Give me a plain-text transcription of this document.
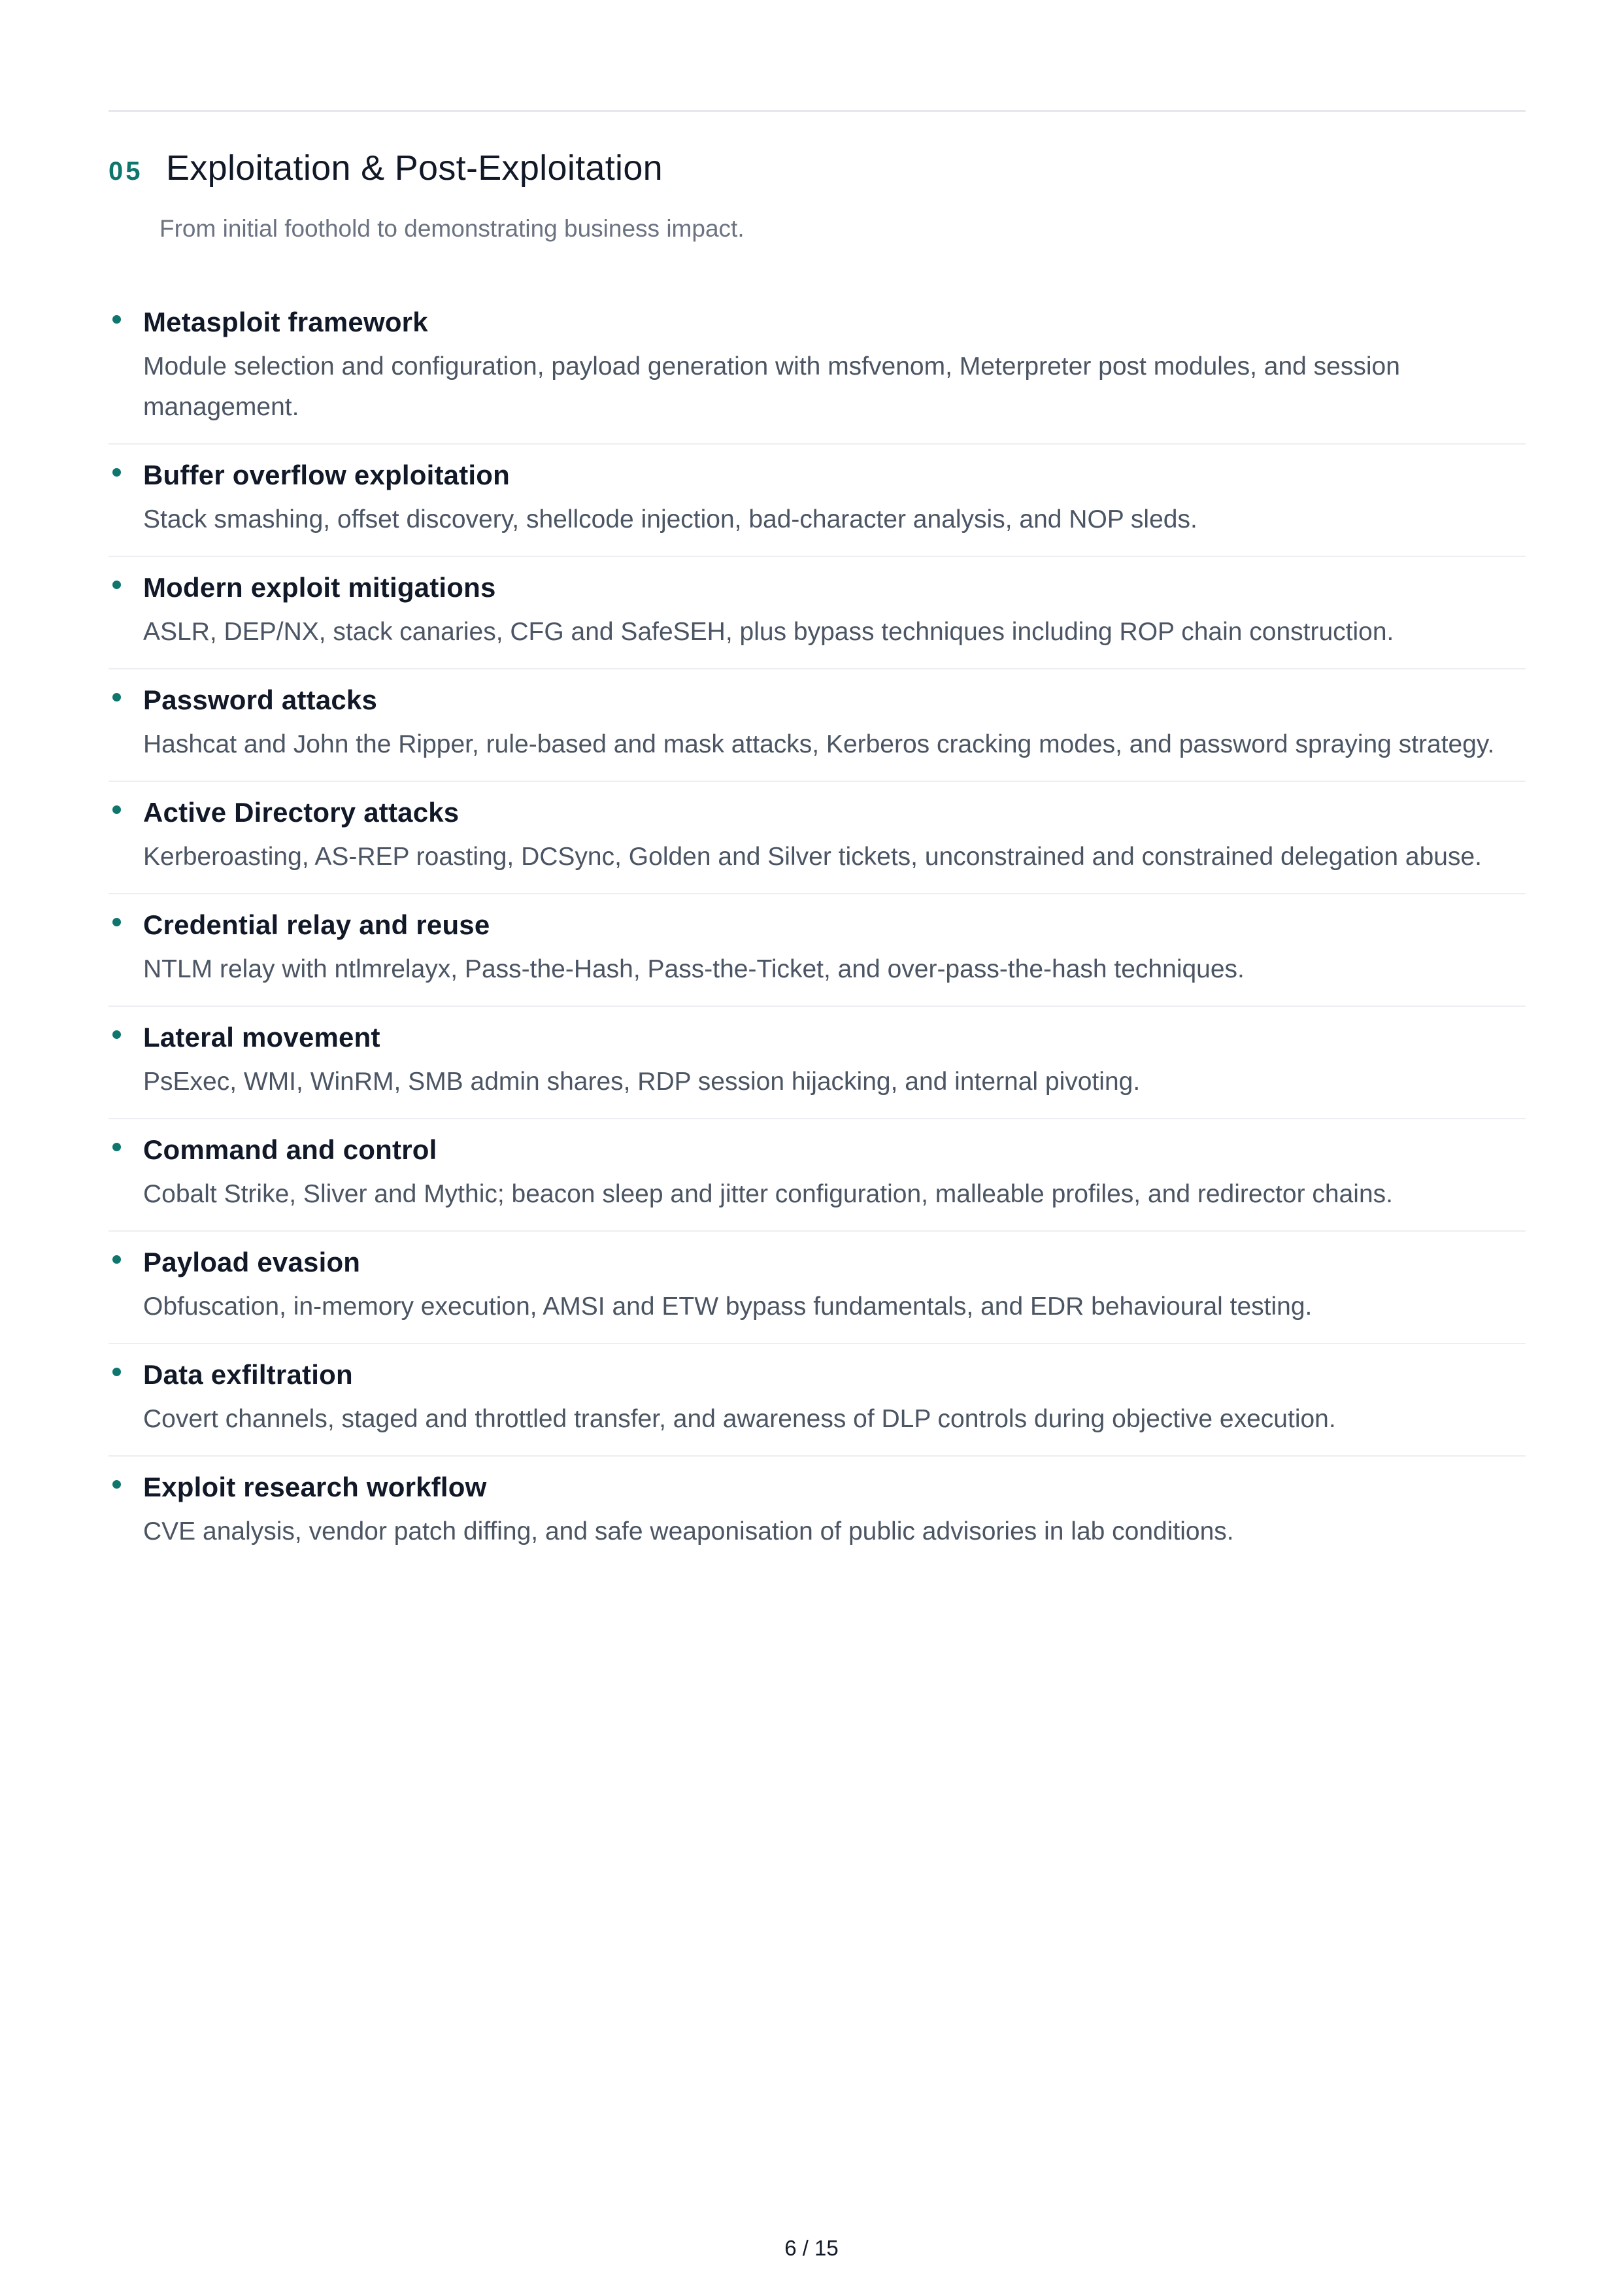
05 Exploitation & Post-Exploitation
From initial foothold to demonstrating business impact.
Metasploit framework
Module selection and configuration, payload generation with msfvenom, Meterpreter post modules, and session management.
Buffer overflow exploitation
Stack smashing, offset discovery, shellcode injection, bad-character analysis, and NOP sleds.
Modern exploit mitigations
ASLR, DEP/NX, stack canaries, CFG and SafeSEH, plus bypass techniques including ROP chain construction.
Password attacks
Hashcat and John the Ripper, rule-based and mask attacks, Kerberos cracking modes, and password spraying strategy.
Active Directory attacks
Kerberoasting, AS-REP roasting, DCSync, Golden and Silver tickets, unconstrained and constrained delegation abuse.
Credential relay and reuse
NTLM relay with ntlmrelayx, Pass-the-Hash, Pass-the-Ticket, and over-pass-the-hash techniques.
Lateral movement
PsExec, WMI, WinRM, SMB admin shares, RDP session hijacking, and internal pivoting.
Command and control
Cobalt Strike, Sliver and Mythic; beacon sleep and jitter configuration, malleable profiles, and redirector chains.
Payload evasion
Obfuscation, in-memory execution, AMSI and ETW bypass fundamentals, and EDR behavioural testing.
Data exfiltration
Covert channels, staged and throttled transfer, and awareness of DLP controls during objective execution.
Exploit research workflow
CVE analysis, vendor patch diffing, and safe weaponisation of public advisories in lab conditions.
6 / 15
